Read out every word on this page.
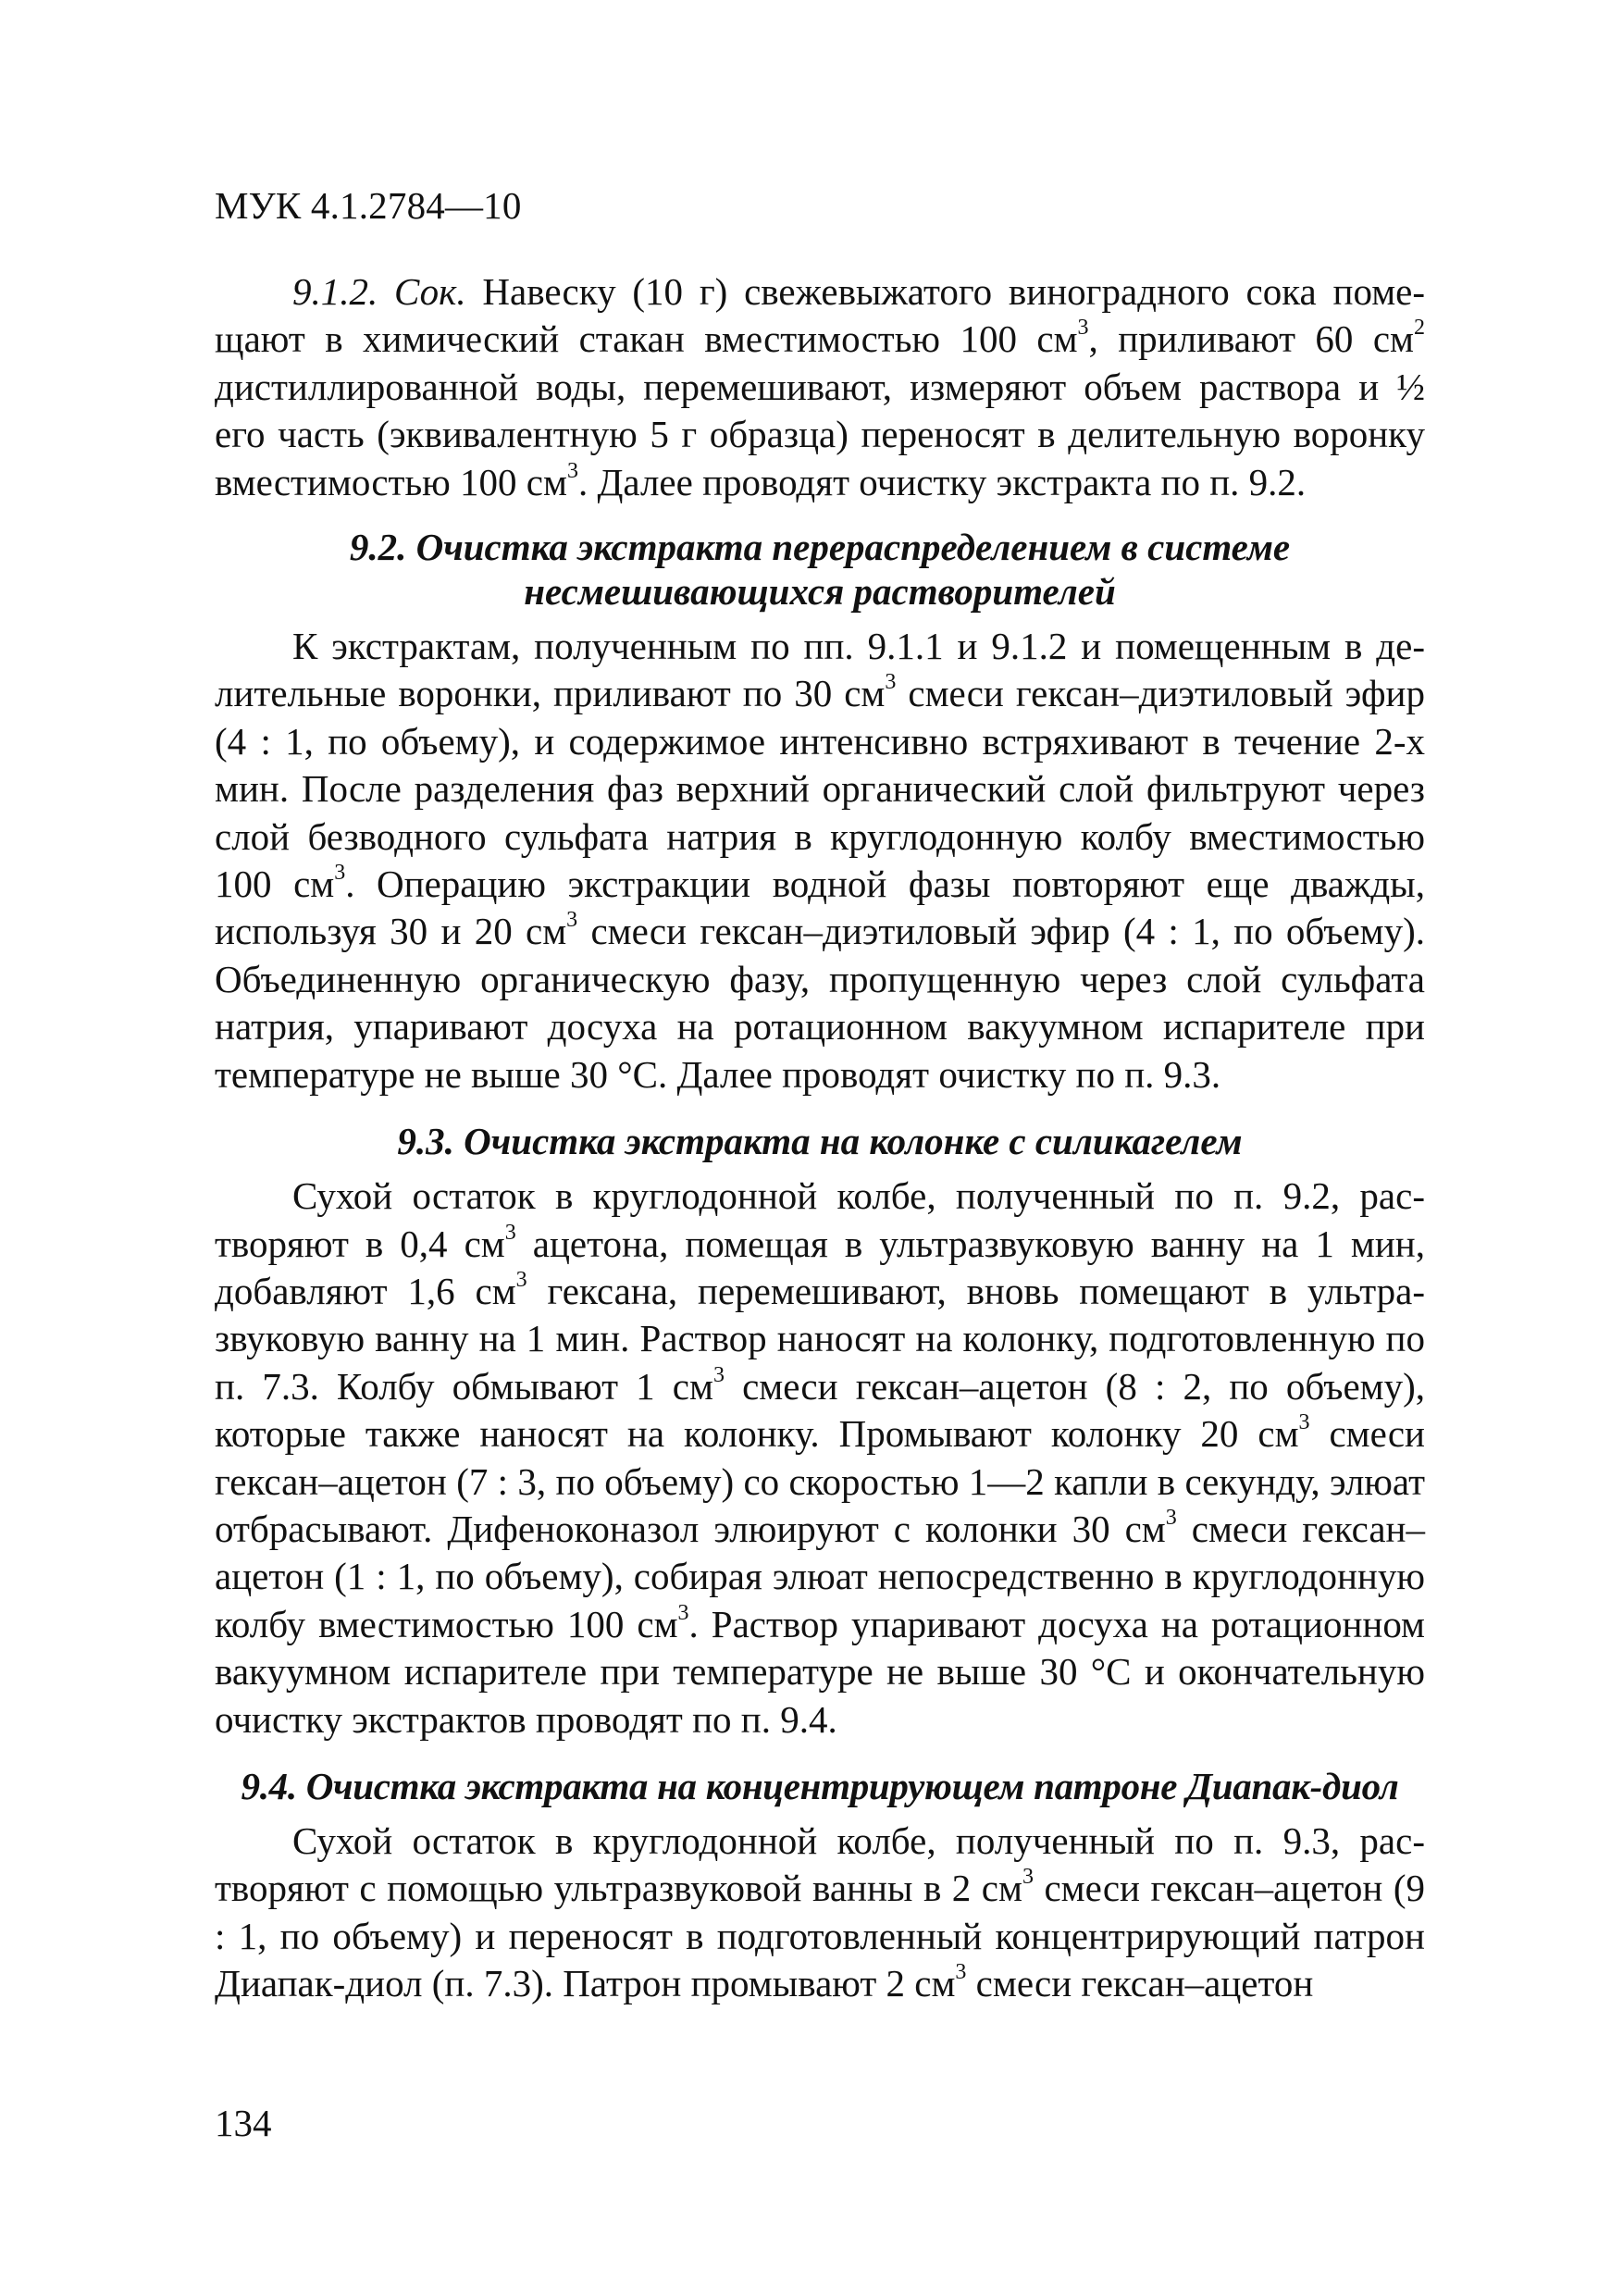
МУК 4.1.2784—10

9.1.2. Сок. Навеску (10 г) свежевыжатого виноградного сока помещают в химический стакан вместимостью 100 $см^3$, приливают 60 $см^2$ дистиллированной воды, перемешивают, измеряют объем раствора и ½ его часть (эквивалентную 5 г образца) переносят в делительную воронку вместимостью 100 $см^3$. Далее проводят очистку экстракта по п. 9.2.

9.2. Очистка экстракта перераспределением в системе
несмешивающихся растворителей

К экстрактам, полученным по пп. 9.1.1 и 9.1.2 и помещенным в делительные воронки, приливают по 30 $см^3$ смеси гексан–диэтиловый эфир (4 : 1, по объему), и содержимое интенсивно встряхивают в течение 2-х мин. После разделения фаз верхний органический слой фильтруют через слой безводного сульфата натрия в круглодонную колбу вместимостью 100 $см^3$. Операцию экстракции водной фазы повторяют еще дважды, используя 30 и 20 $см^3$ смеси гексан–диэтиловый эфир (4 : 1, по объему). Объединенную органическую фазу, пропущенную через слой сульфата натрия, упаривают досуха на ротационном вакуумном испарителе при температуре не выше 30 °С. Далее проводят очистку по п. 9.3.

9.3. Очистка экстракта на колонке с силикагелем

Сухой остаток в круглодонной колбе, полученный по п. 9.2, растворяют в 0,4 $см^3$ ацетона, помещая в ультразвуковую ванну на 1 мин, добавляют 1,6 $см^3$ гексана, перемешивают, вновь помещают в ультразвуковую ванну на 1 мин. Раствор наносят на колонку, подготовленную по п. 7.3. Колбу обмывают 1 $см^3$ смеси гексан–ацетон (8 : 2, по объему), которые также наносят на колонку. Промывают колонку 20 $см^3$ смеси гексан–ацетон (7 : 3, по объему) со скоростью 1—2 капли в секунду, элюат отбрасывают. Дифеноконазол элюируют с колонки 30 $см^3$ смеси гексан–ацетон (1 : 1, по объему), собирая элюат непосредственно в круглодонную колбу вместимостью 100 $см^3$. Раствор упаривают досуха на ротационном вакуумном испарителе при температуре не выше 30 °С и окончательную очистку экстрактов проводят по п. 9.4.

9.4. Очистка экстракта на концентрирующем патроне Диапак-диол

Сухой остаток в круглодонной колбе, полученный по п. 9.3, растворяют с помощью ультразвуковой ванны в 2 $см^3$ смеси гексан–ацетон (9 : 1, по объему) и переносят в подготовленный концентрирующий патрон Диапак-диол (п. 7.3). Патрон промывают 2 $см^3$ смеси гексан–ацетон

134
